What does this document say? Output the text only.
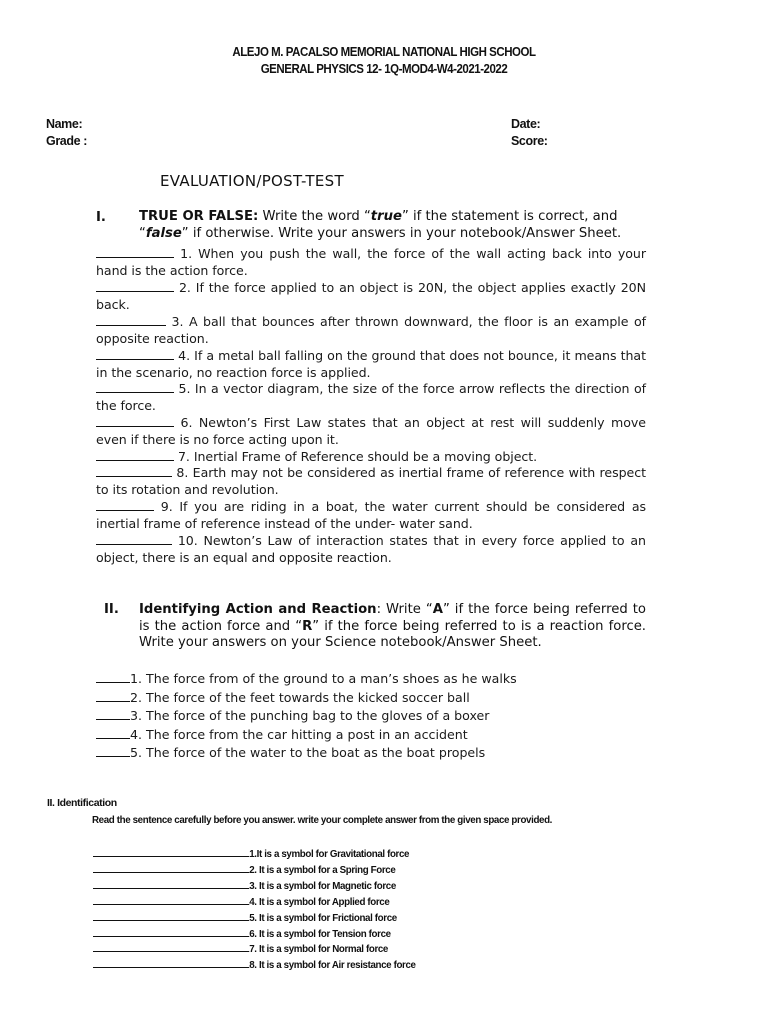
ALEJO M. PACALSO MEMORIAL NATIONAL HIGH SCHOOL
GENERAL PHYSICS 12- 1Q-MOD4-W4-2021-2022
Name:
Grade :
Date:
Score:
EVALUATION/POST-TEST
I.	TRUE OR FALSE: Write the word “true” if the statement is correct, and
“false” if otherwise. Write your answers in your notebook/Answer Sheet.
1. When you push the wall, the force of the wall acting back into your hand is the action force.
2. If the force applied to an object is 20N, the object applies exactly 20N back.
3. A ball that bounces after thrown downward, the floor is an example of opposite reaction.
4. If a metal ball falling on the ground that does not bounce, it means that in the scenario, no reaction force is applied.
5. In a vector diagram, the size of the force arrow reflects the direction of the force.
6. Newton’s First Law states that an object at rest will suddenly move even if there is no force acting upon it.
7. Inertial Frame of Reference should be a moving object.
8. Earth may not be considered as inertial frame of reference with respect to its rotation and revolution.
9. If you are riding in a boat, the water current should be considered as inertial frame of reference instead of the under- water sand.
10. Newton’s Law of interaction states that in every force applied to an object, there is an equal and opposite reaction.
II. Identifying Action and Reaction: Write “A” if the force being referred to is the action force and “R” if the force being referred to is a reaction force. Write your answers on your Science notebook/Answer Sheet.
1. The force from of the ground to a man’s shoes as he walks
2. The force of the feet towards the kicked soccer ball
3. The force of the punching bag to the gloves of a boxer
4. The force from the car hitting a post in an accident
5. The force of the water to the boat as the boat propels
II. Identification
Read the sentence carefully before you answer. write your complete answer from the given space provided.
1.It is a symbol for Gravitational force
2. It is a symbol for a Spring Force
3. It is a symbol for Magnetic force
4. It is a symbol for Applied force
5. It is a symbol for Frictional force
6. It is a symbol for Tension force
7. It is a symbol for Normal force
8. It is a symbol for Air resistance force
